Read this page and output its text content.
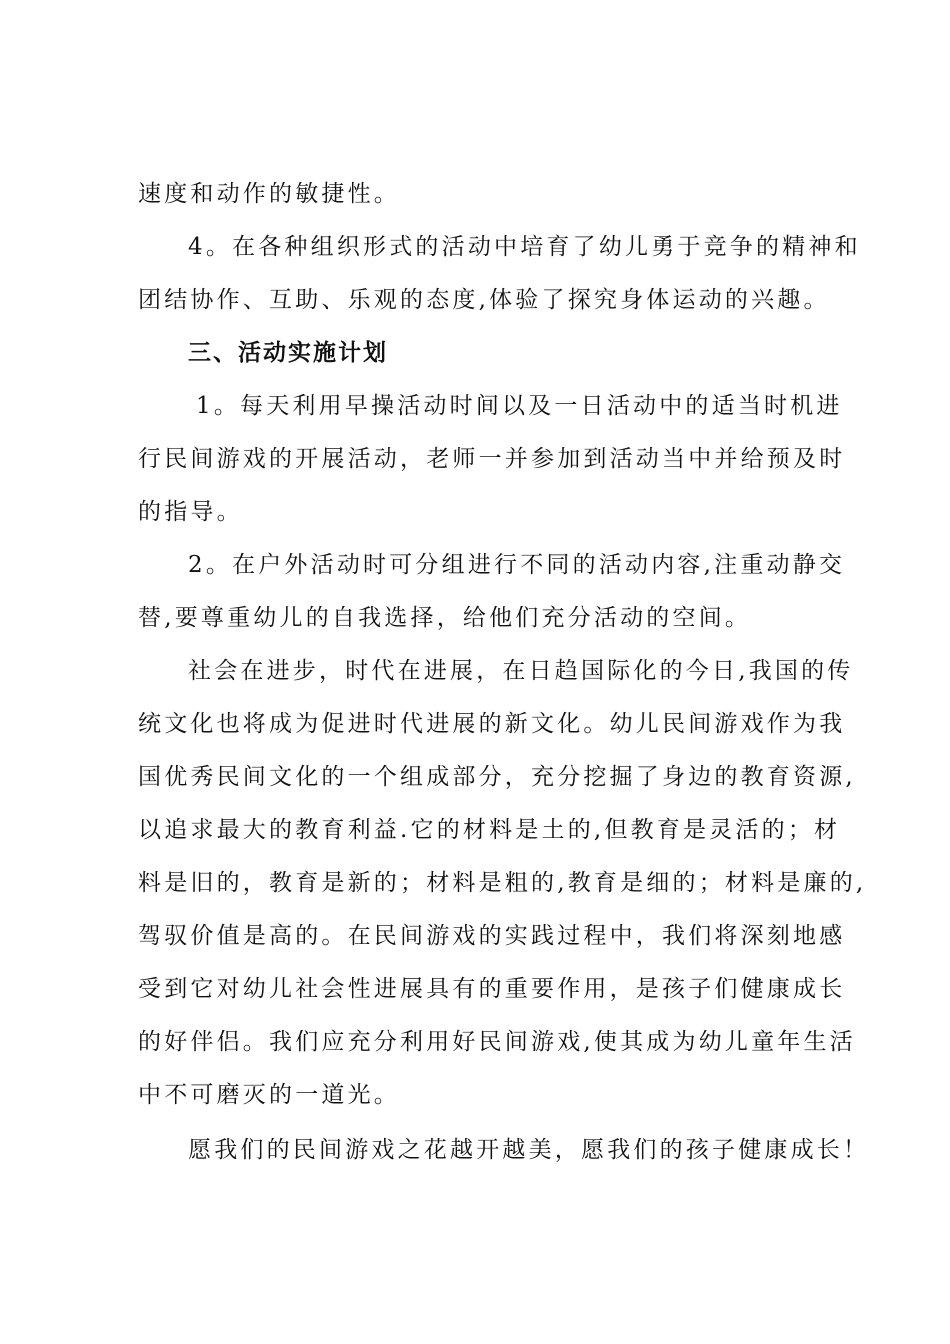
速度和动作的敏捷性。
4。在各种组织形式的活动中培育了幼儿勇于竞争的精神和
团结协作、互助、乐观的态度,体验了探究身体运动的兴趣。
三、活动实施计划
1。每天利用早操活动时间以及一日活动中的适当时机进
行民间游戏的开展活动，老师一并参加到活动当中并给预及时
的指导。
2。在户外活动时可分组进行不同的活动内容,注重动静交
替,要尊重幼儿的自我选择，给他们充分活动的空间。
社会在进步，时代在进展，在日趋国际化的今日,我国的传
统文化也将成为促进时代进展的新文化。幼儿民间游戏作为我
国优秀民间文化的一个组成部分，充分挖掘了身边的教育资源,
以追求最大的教育利益.它的材料是土的,但教育是灵活的；材
料是旧的，教育是新的；材料是粗的,教育是细的；材料是廉的,
驾驭价值是高的。在民间游戏的实践过程中，我们将深刻地感
受到它对幼儿社会性进展具有的重要作用，是孩子们健康成长
的好伴侣。我们应充分利用好民间游戏,使其成为幼儿童年生活
中不可磨灭的一道光。
愿我们的民间游戏之花越开越美，愿我们的孩子健康成长！
